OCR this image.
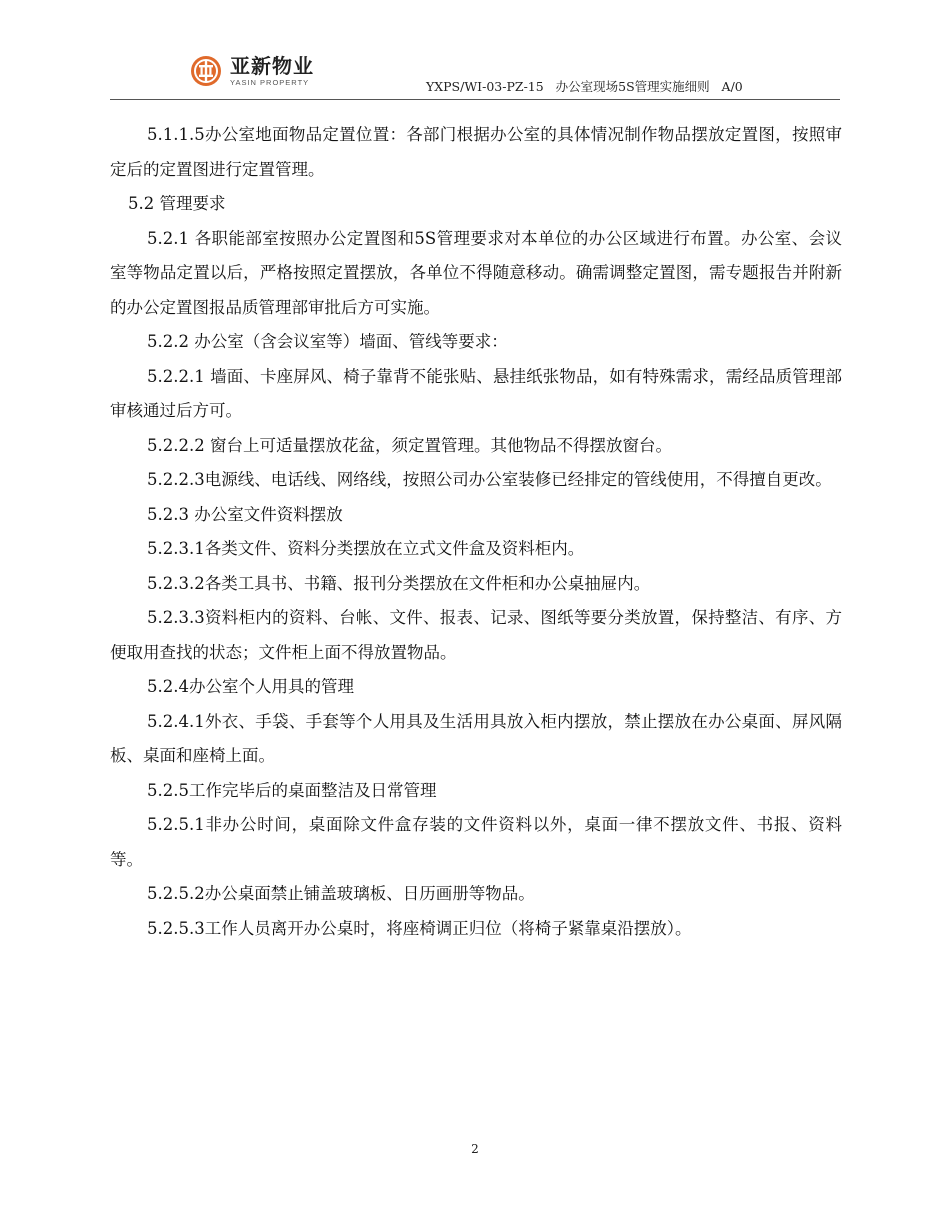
亚新物业
YASIN PROPERTY	YXPS/WI-03-PZ-15   办公室现场5S管理实施细则   A/0

5.1.1.5办公室地面物品定置位置：各部门根据办公室的具体情况制作物品摆放定置图，按照审定后的定置图进行定置管理。

5.2 管理要求

5.2.1 各职能部室按照办公定置图和5S管理要求对本单位的办公区域进行布置。办公室、会议室等物品定置以后，严格按照定置摆放，各单位不得随意移动。确需调整定置图，需专题报告并附新的办公定置图报品质管理部审批后方可实施。

5.2.2 办公室（含会议室等）墙面、管线等要求：

5.2.2.1 墙面、卡座屏风、椅子靠背不能张贴、悬挂纸张物品，如有特殊需求，需经品质管理部审核通过后方可。

5.2.2.2 窗台上可适量摆放花盆，须定置管理。其他物品不得摆放窗台。

5.2.2.3电源线、电话线、网络线，按照公司办公室装修已经排定的管线使用，不得擅自更改。

5.2.3 办公室文件资料摆放

5.2.3.1各类文件、资料分类摆放在立式文件盒及资料柜内。

5.2.3.2各类工具书、书籍、报刊分类摆放在文件柜和办公桌抽屉内。

5.2.3.3资料柜内的资料、台帐、文件、报表、记录、图纸等要分类放置，保持整洁、有序、方便取用查找的状态；文件柜上面不得放置物品。

5.2.4办公室个人用具的管理

5.2.4.1外衣、手袋、手套等个人用具及生活用具放入柜内摆放，禁止摆放在办公桌面、屏风隔板、桌面和座椅上面。

5.2.5工作完毕后的桌面整洁及日常管理

5.2.5.1非办公时间，桌面除文件盒存装的文件资料以外，桌面一律不摆放文件、书报、资料等。

5.2.5.2办公桌面禁止铺盖玻璃板、日历画册等物品。

5.2.5.3工作人员离开办公桌时，将座椅调正归位（将椅子紧靠桌沿摆放）。

2
